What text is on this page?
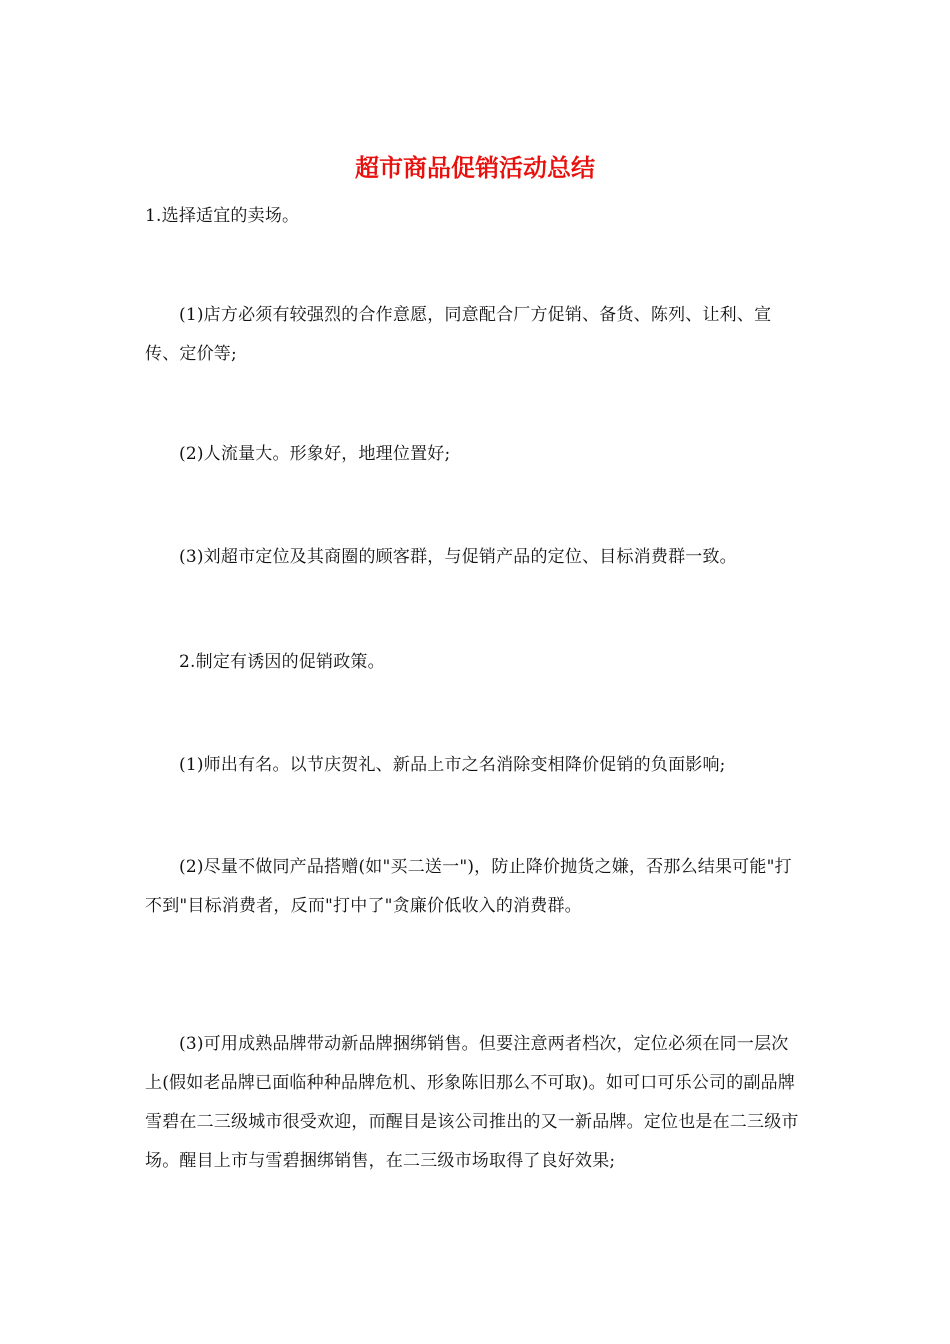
超市商品促销活动总结

1.选择适宜的卖场。

(1)店方必须有较强烈的合作意愿，同意配合厂方促销、备货、陈列、让利、宣传、定价等;

(2)人流量大。形象好，地理位置好;

(3)刘超市定位及其商圈的顾客群，与促销产品的定位、目标消费群一致。

2.制定有诱因的促销政策。

(1)师出有名。以节庆贺礼、新品上市之名消除变相降价促销的负面影响;

(2)尽量不做同产品搭赠(如"买二送一")，防止降价抛货之嫌，否那么结果可能"打不到"目标消费者，反而"打中了"贪廉价低收入的消费群。

(3)可用成熟品牌带动新品牌捆绑销售。但要注意两者档次，定位必须在同一层次上(假如老品牌已面临种种品牌危机、形象陈旧那么不可取)。如可口可乐公司的副品牌雪碧在二三级城市很受欢迎，而醒目是该公司推出的又一新品牌。定位也是在二三级市场。醒目上市与雪碧捆绑销售，在二三级市场取得了良好效果;
